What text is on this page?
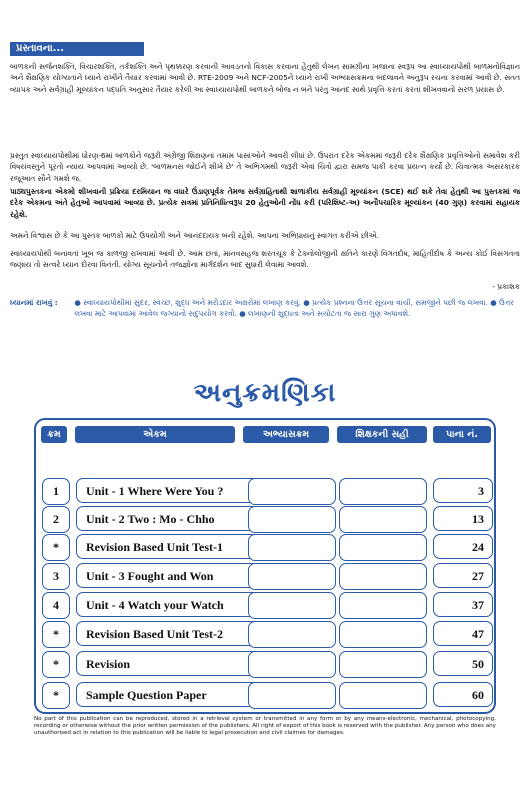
પ્રસ્તાવના...

બાળકની સર્જનશક્તિ, વિચારશક્તિ, તર્કશક્તિ અને પૃથક્કરણ કરવાની આવડતનો વિકાસ કરવાના હેતુથી લેખન સામગ્રીના ખજાના સ્વરૂપ આ સ્વાધ્યાયપોથી બાળમનોવિજ્ઞાન અને શૈક્ષણિક યોગ્યતાને ધ્યાને રાખીને તૈયાર કરવામાં આવી છે. RTE-2009 અને NCF-2005ને ધ્યાને રાખી અભ્યાસક્રમના બદલાવને અનુરૂપ રચના કરવામાં આવી છે. સતત વ્યાપક અને સર્વગ્રાહી મૂલ્યાંકન પદ્ધતિ અનુસાર તૈયાર કરેલી આ સ્વાધ્યાયપોથી બાળકને બોજ ન બને પરંતુ આનંદ સાથે પ્રવૃત્તિ કરતાં કરતાં શીખવવાનો સરળ પ્રયાસ છે.

પ્રસ્તુત સ્વાધ્યાયપોથીમાં ધોરણ-6માં બાળકોને જરૂરી અંગ્રેજી શિક્ષણનાં તમામ પાસાંઓને આવરી લીધાં છે. ઉપરાંત દરેક એકમમાં જરૂરી દરેક શૈક્ષણિક પ્રવૃત્તિઓનો સમાવેશ કરી વિષયવસ્તુને પૂરતો ન્યાય આપવામાં આવ્યો છે. 'બાળમનસ જોઈને શીખે છે' તે અભિગમથી જરૂરી એવાં ચિત્રો દ્વારા સમજ પાકી કરવા પ્રયત્ન કર્યો છે. ચિત્રાત્મક અસરકારક રજૂઆત સૌને ગમશે જ.

પાઠ્યપુસ્તકના એકમો શીખવાની પ્રક્રિયા દરમિયાન જ વધારે ઉંડાણપૂર્વક તેમજ સર્વગ્રાહિતાથી શાળાકીય સર્વગ્રાહી મૂલ્યાંકન (SCE) થઈ શકે તેવા હેતુથી આ પુસ્તકમાં જ દરેક એકમના અંતે હેતુઓ આપવામાં આવ્યા છે. પ્રત્યેક સત્રમાં પ્રતિનિધિત્વરૂપ 20 હેતુઓની નોંધ કરી (પરિશિષ્ટ-અ) અનૌપચારિક મૂલ્યાંકન (40 ગુણ) કરવામાં સહાયક રહેશે.

અમને વિશ્વાસ છે કે આ પુસ્તક બાળકો માટે ઉપયોગી અને આનંદદાયક બની રહેશે. આપના અભિપ્રાયનું સ્વાગત કરીએ છીએ.

સ્વાધ્યાયપોથી બનાવતાં ખૂબ જ કાળજી રાખવામાં આવી છે. આમ છતાં, માનવસહજ શરતચૂક કે ટેક્નોલોજીની ક્ષતિને કારણે વિગતદોષ, માહિતીદોષ કે અન્ય કોઈ વિસંગતતા જણાય તો સત્વરે ધ્યાન દોરવા વિનંતી. યોગ્ય સૂચનોને તજજ્ઞોના માર્ગદર્શન બાદ સુધારી લેવામાં આવશે.

- પ્રકાશક
ધ્યાનમાં રાખવું : ● સ્વાધ્યાયપોથીમાં સુંદર, સ્વચ્છ, શુદ્ધ અને મરોડદાર અક્ષરોમાં લખાણ કરવું. ● પ્રત્યેક પ્રશ્નના ઉત્તર સૂચના વાંચી, સમજીને પછી જ લખવા. ● ઉત્તર લખવા માટે આપવામાં આવેલ જગ્યાનો સદુપયોગ કરવો. ● લખાણની શુદ્ધતા અને સચોટતા જ સારા ગુણ અપાવશે.
અનુક્રમણિકા
ક્રમ	એકમ	અભ્યાસક્રમ	શિક્ષકની સહી	પાના નં.
1	Unit - 1 Where Were You ?	3
2	Unit - 2 Two : Mo - Chho	13
*	Revision Based Unit Test-1	24
3	Unit - 3 Fought and Won	27
4	Unit - 4 Watch your Watch	37
*	Revision Based Unit Test-2	47
*	Revision	50
*	Sample Question Paper	60
No part of this publication can be reproduced, stored in a retrieval system or transmitted in any form or by any means-electronic, mechanical, photocopying, recording or otherwise without the prior written permission of the publishers. All right of export of this book is reserved with the publisher. Any person who does any unauthorised act in relation to this publication will be liable to legal prosecution and civil claimes for damages.
